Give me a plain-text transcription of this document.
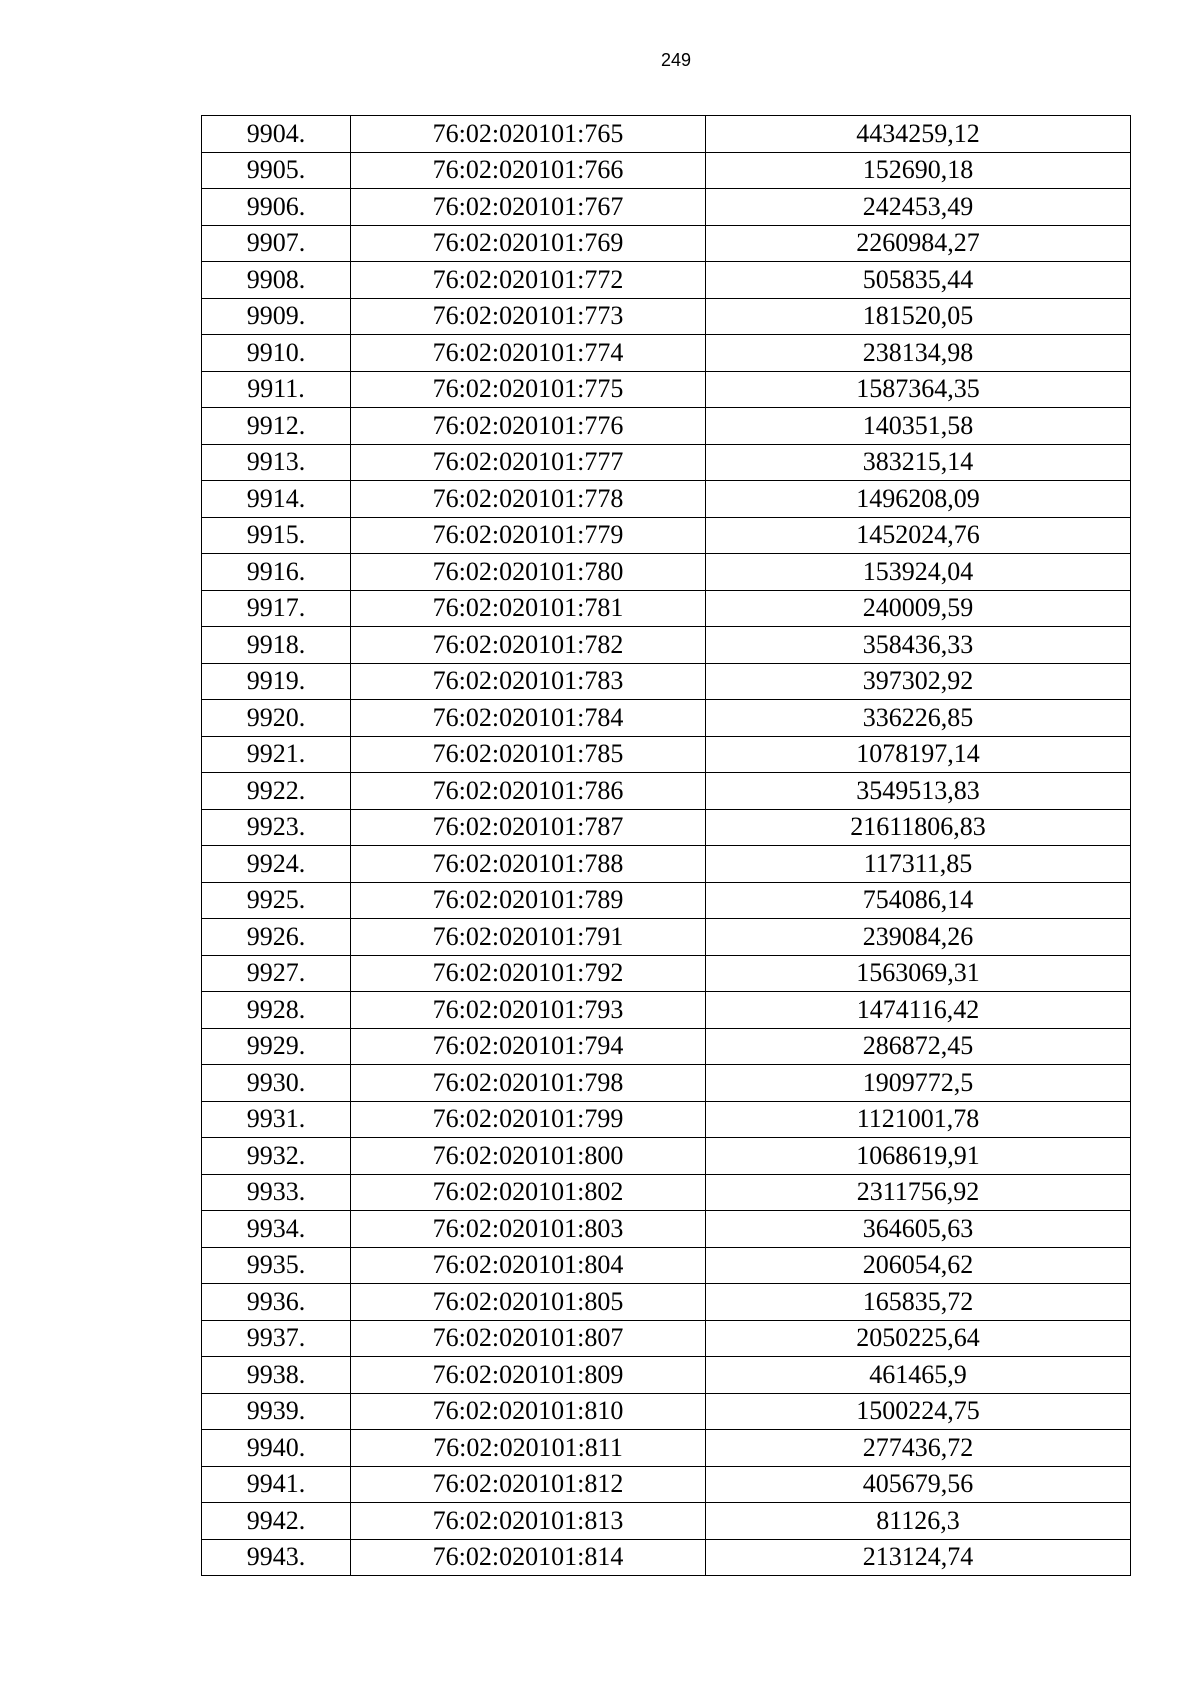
249
9904.	76:02:020101:765	4434259,12
9905.	76:02:020101:766	152690,18
9906.	76:02:020101:767	242453,49
9907.	76:02:020101:769	2260984,27
9908.	76:02:020101:772	505835,44
9909.	76:02:020101:773	181520,05
9910.	76:02:020101:774	238134,98
9911.	76:02:020101:775	1587364,35
9912.	76:02:020101:776	140351,58
9913.	76:02:020101:777	383215,14
9914.	76:02:020101:778	1496208,09
9915.	76:02:020101:779	1452024,76
9916.	76:02:020101:780	153924,04
9917.	76:02:020101:781	240009,59
9918.	76:02:020101:782	358436,33
9919.	76:02:020101:783	397302,92
9920.	76:02:020101:784	336226,85
9921.	76:02:020101:785	1078197,14
9922.	76:02:020101:786	3549513,83
9923.	76:02:020101:787	21611806,83
9924.	76:02:020101:788	117311,85
9925.	76:02:020101:789	754086,14
9926.	76:02:020101:791	239084,26
9927.	76:02:020101:792	1563069,31
9928.	76:02:020101:793	1474116,42
9929.	76:02:020101:794	286872,45
9930.	76:02:020101:798	1909772,5
9931.	76:02:020101:799	1121001,78
9932.	76:02:020101:800	1068619,91
9933.	76:02:020101:802	2311756,92
9934.	76:02:020101:803	364605,63
9935.	76:02:020101:804	206054,62
9936.	76:02:020101:805	165835,72
9937.	76:02:020101:807	2050225,64
9938.	76:02:020101:809	461465,9
9939.	76:02:020101:810	1500224,75
9940.	76:02:020101:811	277436,72
9941.	76:02:020101:812	405679,56
9942.	76:02:020101:813	81126,3
9943.	76:02:020101:814	213124,74
